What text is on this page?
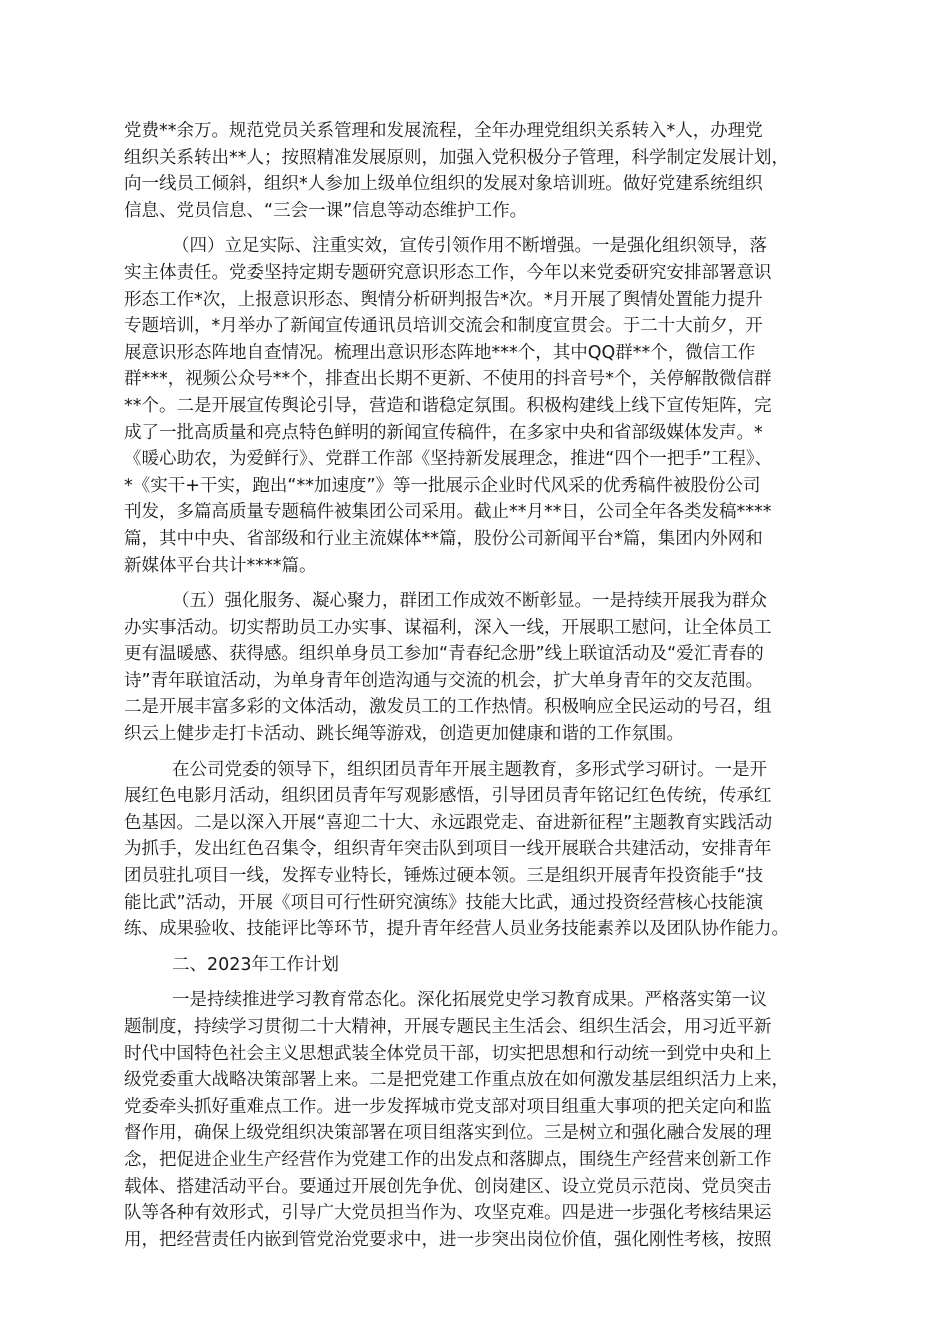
党费**余万。规范党员关系管理和发展流程，全年办理党组织关系转入*人，办理党
组织关系转出**人；按照精准发展原则，加强入党积极分子管理，科学制定发展计划，
向一线员工倾斜，组织*人参加上级单位组织的发展对象培训班。做好党建系统组织
信息、党员信息、“三会一课”信息等动态维护工作。
（四）立足实际、注重实效，宣传引领作用不断增强。一是强化组织领导，落
实主体责任。党委坚持定期专题研究意识形态工作，今年以来党委研究安排部署意识
形态工作*次，上报意识形态、舆情分析研判报告*次。*月开展了舆情处置能力提升
专题培训，*月举办了新闻宣传通讯员培训交流会和制度宣贯会。于二十大前夕，开
展意识形态阵地自查情况。梳理出意识形态阵地***个，其中QQ群**个，微信工作
群***，视频公众号**个，排查出长期不更新、不使用的抖音号*个，关停解散微信群
**个。二是开展宣传舆论引导，营造和谐稳定氛围。积极构建线上线下宣传矩阵，完
成了一批高质量和亮点特色鲜明的新闻宣传稿件，在多家中央和省部级媒体发声。*
《暖心助农，为爱鲜行》、党群工作部《坚持新发展理念，推进“四个一把手”工程》、
*《实干+干实，跑出“**加速度”》等一批展示企业时代风采的优秀稿件被股份公司
刊发，多篇高质量专题稿件被集团公司采用。截止**月**日，公司全年各类发稿****
篇，其中中央、省部级和行业主流媒体**篇，股份公司新闻平台*篇，集团内外网和
新媒体平台共计****篇。
（五）强化服务、凝心聚力，群团工作成效不断彰显。一是持续开展我为群众
办实事活动。切实帮助员工办实事、谋福利，深入一线，开展职工慰问，让全体员工
更有温暖感、获得感。组织单身员工参加“青春纪念册”线上联谊活动及“爱汇青春的
诗”青年联谊活动，为单身青年创造沟通与交流的机会，扩大单身青年的交友范围。
二是开展丰富多彩的文体活动，激发员工的工作热情。积极响应全民运动的号召，组
织云上健步走打卡活动、跳长绳等游戏，创造更加健康和谐的工作氛围。
在公司党委的领导下，组织团员青年开展主题教育，多形式学习研讨。一是开
展红色电影月活动，组织团员青年写观影感悟，引导团员青年铭记红色传统，传承红
色基因。二是以深入开展“喜迎二十大、永远跟党走、奋进新征程”主题教育实践活动
为抓手，发出红色召集令，组织青年突击队到项目一线开展联合共建活动，安排青年
团员驻扎项目一线，发挥专业特长，锤炼过硬本领。三是组织开展青年投资能手“技
能比武”活动，开展《项目可行性研究演练》技能大比武，通过投资经营核心技能演
练、成果验收、技能评比等环节，提升青年经营人员业务技能素养以及团队协作能力。
二、2023年工作计划
一是持续推进学习教育常态化。深化拓展党史学习教育成果。严格落实第一议
题制度，持续学习贯彻二十大精神，开展专题民主生活会、组织生活会，用习近平新
时代中国特色社会主义思想武装全体党员干部，切实把思想和行动统一到党中央和上
级党委重大战略决策部署上来。二是把党建工作重点放在如何激发基层组织活力上来，
党委牵头抓好重难点工作。进一步发挥城市党支部对项目组重大事项的把关定向和监
督作用，确保上级党组织决策部署在项目组落实到位。三是树立和强化融合发展的理
念，把促进企业生产经营作为党建工作的出发点和落脚点，围绕生产经营来创新工作
载体、搭建活动平台。要通过开展创先争优、创岗建区、设立党员示范岗、党员突击
队等各种有效形式，引导广大党员担当作为、攻坚克难。四是进一步强化考核结果运
用，把经营责任内嵌到管党治党要求中，进一步突出岗位价值，强化刚性考核，按照
